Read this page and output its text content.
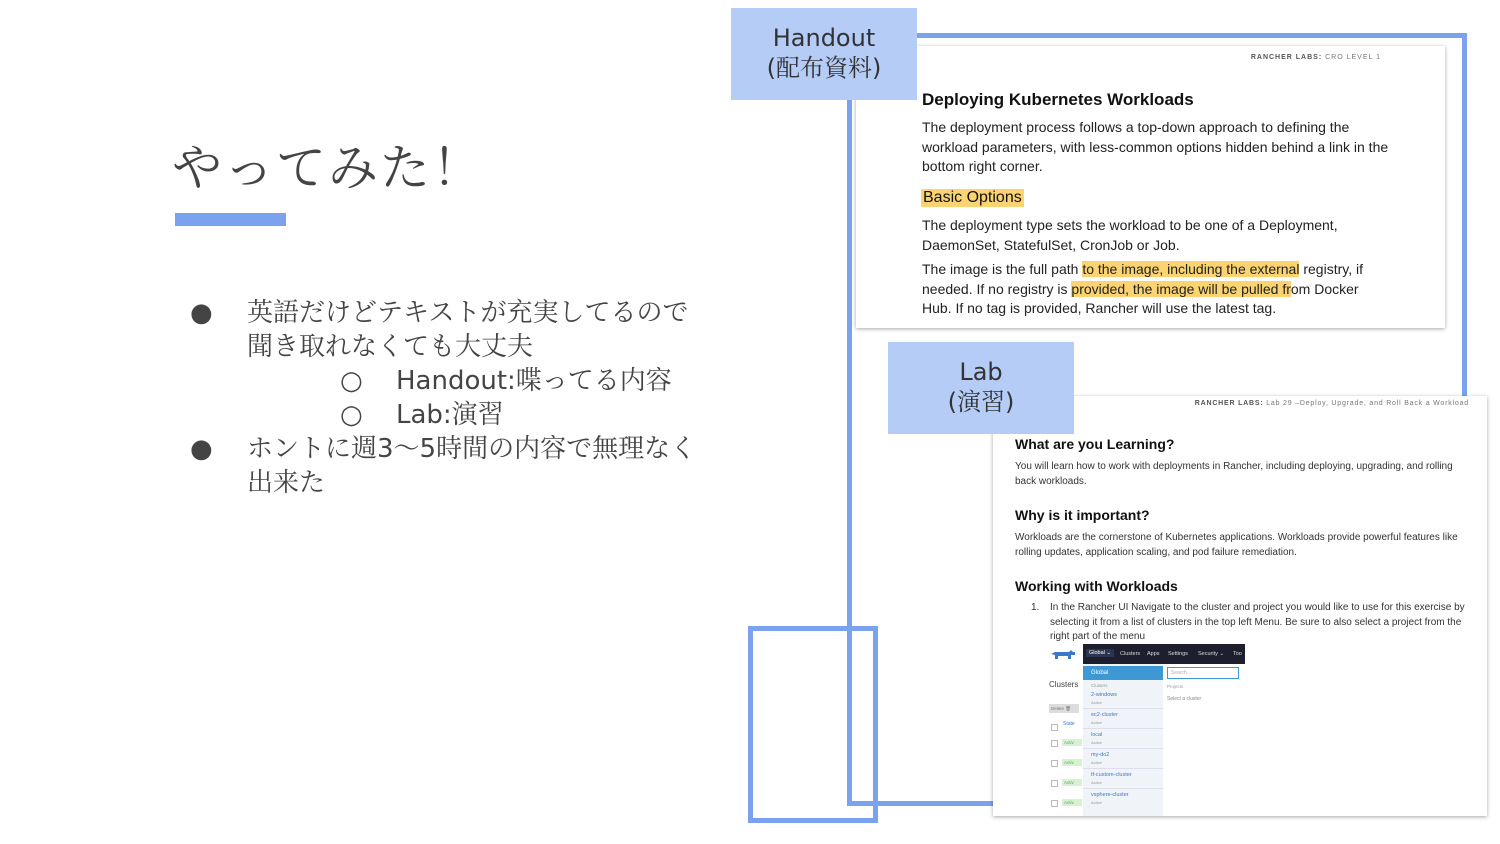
やってみた！
● 英語だけどテキストが充実してるので聞き取れなくても大丈夫
○ Handout:喋ってる内容
○ Lab:演習
● ホントに週3〜5時間の内容で無理なく出来た
RANCHER LABS: CRO LEVEL 1
Deploying Kubernetes Workloads
The deployment process follows a top-down approach to defining the workload parameters, with less-common options hidden behind a link in the bottom right corner.
Basic Options
The deployment type sets the workload to be one of a Deployment, DaemonSet, StatefulSet, CronJob or Job.
The image is the full path to the image, including the external registry, if needed. If no registry is provided, the image will be pulled from Docker Hub. If no tag is provided, Rancher will use the latest tag.
RANCHER LABS: Lab 29 –Deploy, Upgrade, and Roll Back a Workload
What are you Learning?
You will learn how to work with deployments in Rancher, including deploying, upgrading, and rolling back workloads.
Why is it important?
Workloads are the cornerstone of Kubernetes applications. Workloads provide powerful features like rolling updates, application scaling, and pod failure remediation.
Working with Workloads
1.	In the Rancher UI Navigate to the cluster and project you would like to use for this exercise by selecting it from a list of clusters in the top left Menu. Be sure to also select a project from the right part of the menu
Clusters
Delete 🗑
State
Activ
Activ
Activ
Activ
Global ⌄	Clusters Apps Settings Security ⌄ Too
Global
Clusters
2-windows
Active
ec2-cluster
Active
local
Active
my-do2
Active
tf-custom-cluster
Active
vsphere-cluster
Active
Search...
Projects
Select a cluster
Handout
(配布資料)
Lab
(演習)
